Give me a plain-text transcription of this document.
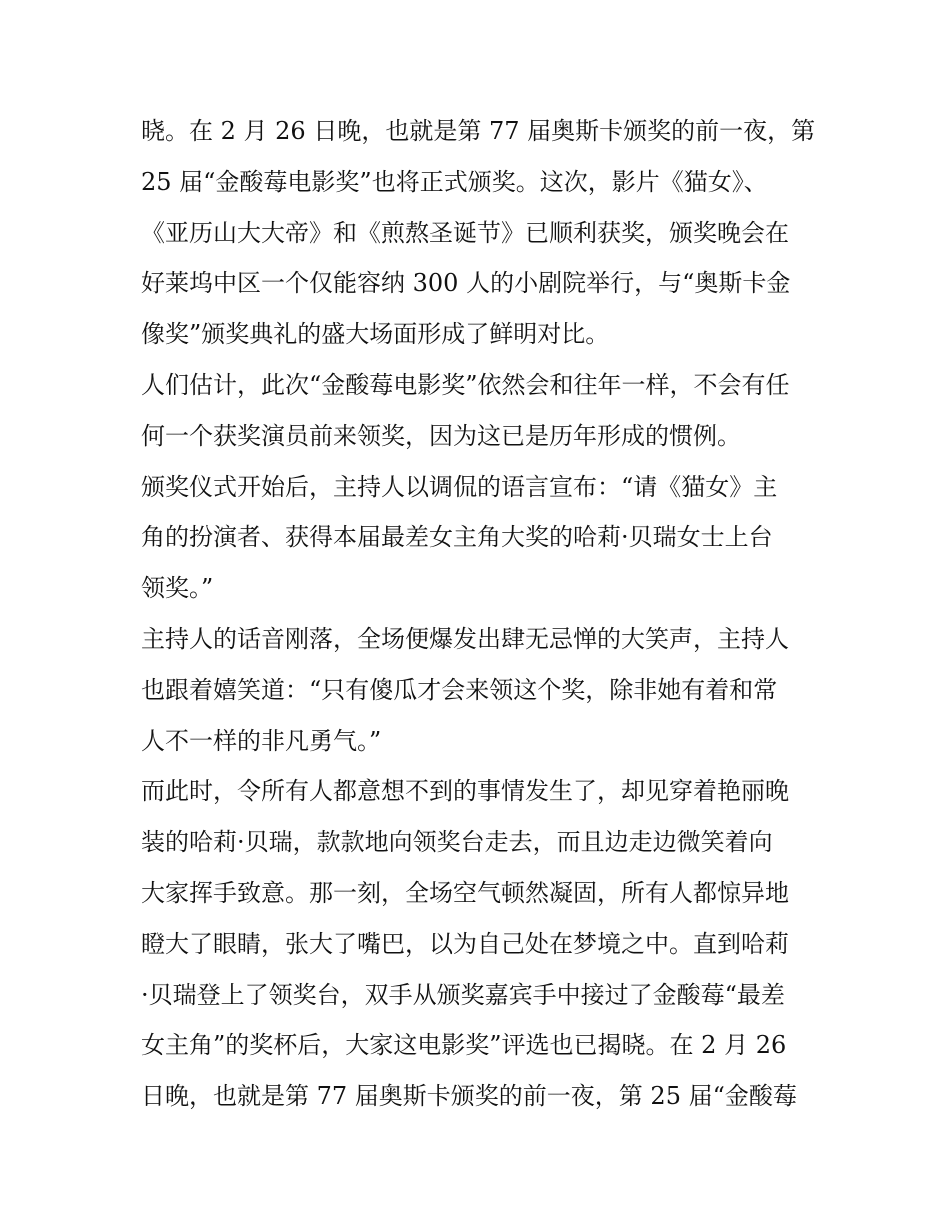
晓。在 2 月 26 日晚，也就是第 77 届奥斯卡颁奖的前一夜，第
25 届“金酸莓电影奖”也将正式颁奖。这次，影片《猫女》、
《亚历山大大帝》和《煎熬圣诞节》已顺利获奖，颁奖晚会在
好莱坞中区一个仅能容纳 300 人的小剧院举行，与“奥斯卡金
像奖”颁奖典礼的盛大场面形成了鲜明对比。
人们估计，此次“金酸莓电影奖”依然会和往年一样，不会有任
何一个获奖演员前来领奖，因为这已是历年形成的惯例。
颁奖仪式开始后，主持人以调侃的语言宣布：“请《猫女》主
角的扮演者、获得本届最差女主角大奖的哈莉·贝瑞女士上台
领奖。”
主持人的话音刚落，全场便爆发出肆无忌惮的大笑声，主持人
也跟着嬉笑道：“只有傻瓜才会来领这个奖，除非她有着和常
人不一样的非凡勇气。”
而此时，令所有人都意想不到的事情发生了，却见穿着艳丽晚
装的哈莉·贝瑞，款款地向领奖台走去，而且边走边微笑着向
大家挥手致意。那一刻，全场空气顿然凝固，所有人都惊异地
瞪大了眼睛，张大了嘴巴，以为自己处在梦境之中。直到哈莉
·贝瑞登上了领奖台，双手从颁奖嘉宾手中接过了金酸莓“最差
女主角”的奖杯后，大家这电影奖”评选也已揭晓。在 2 月 26
日晚，也就是第 77 届奥斯卡颁奖的前一夜，第 25 届“金酸莓
